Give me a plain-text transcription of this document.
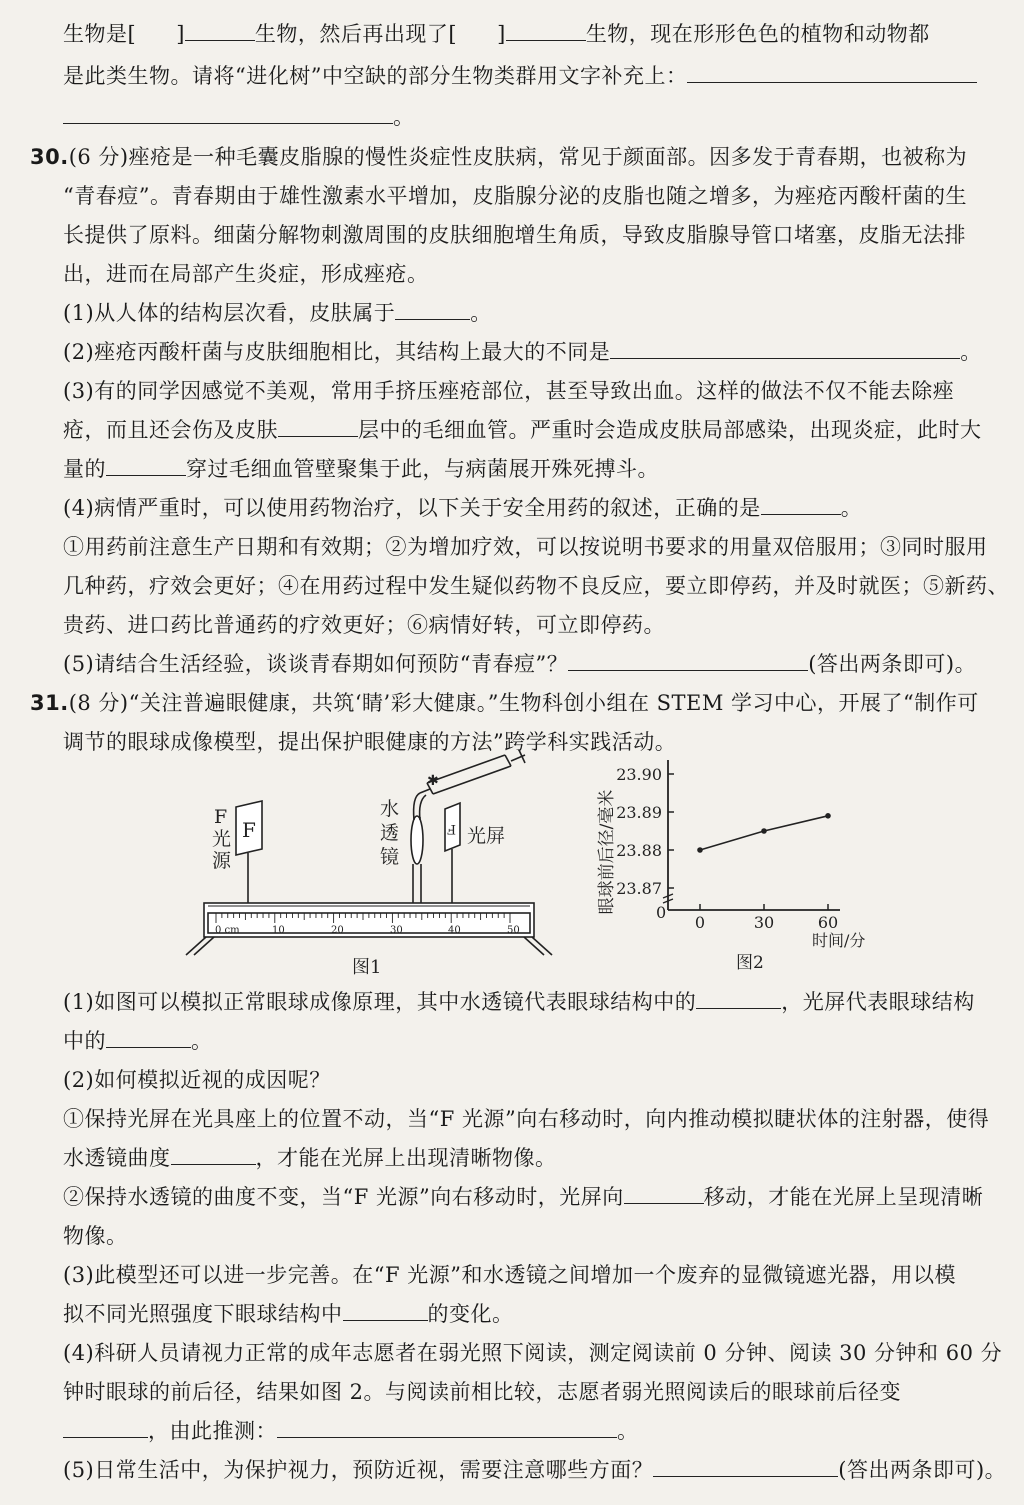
生物是[ ]	生物，然后再出现了[ ]	生物，现在形形色色的植物和动物都
是此类生物。请将“进化树”中空缺的部分生物类群用文字补充上：
。
30.(6 分)痤疮是一种毛囊皮脂腺的慢性炎症性皮肤病，常见于颜面部。因多发于青春期，也被称为
“青春痘”。青春期由于雄性激素水平增加，皮脂腺分泌的皮脂也随之增多，为痤疮丙酸杆菌的生
长提供了原料。细菌分解物刺激周围的皮肤细胞增生角质，导致皮脂腺导管口堵塞，皮脂无法排
出，进而在局部产生炎症，形成痤疮。
(1)从人体的结构层次看，皮肤属于	。
(2)痤疮丙酸杆菌与皮肤细胞相比，其结构上最大的不同是	。
(3)有的同学因感觉不美观，常用手挤压痤疮部位，甚至导致出血。这样的做法不仅不能去除痤
疮，而且还会伤及皮肤	层中的毛细血管。严重时会造成皮肤局部感染，出现炎症，此时大
量的	穿过毛细血管壁聚集于此，与病菌展开殊死搏斗。
(4)病情严重时，可以使用药物治疗，以下关于安全用药的叙述，正确的是	。
①用药前注意生产日期和有效期；②为增加疗效，可以按说明书要求的用量双倍服用；③同时服用
几种药，疗效会更好；④在用药过程中发生疑似药物不良反应，要立即停药，并及时就医；⑤新药、
贵药、进口药比普通药的疗效更好；⑥病情好转，可立即停药。
(5)请结合生活经验，谈谈青春期如何预防“青春痘”？	(答出两条即可)。
31.(8 分)“关注普遍眼健康，共筑‘睛’彩大健康。”生物科创小组在 STEM 学习中心，开展了“制作可
调节的眼球成像模型，提出保护眼健康的方法”跨学科实践活动。
✱
F
F
光
源
水
透
镜
F 光屏
0 cm	10	20	30	40	50
图1
眼球前后径/毫米
时间/分
0
图2
23.87
23.88
23.89
23.90
0	30	60
(1)如图可以模拟正常眼球成像原理，其中水透镜代表眼球结构中的	，光屏代表眼球结构
中的	。
(2)如何模拟近视的成因呢？
①保持光屏在光具座上的位置不动，当“F 光源”向右移动时，向内推动模拟睫状体的注射器，使得
水透镜曲度	，才能在光屏上出现清晰物像。
②保持水透镜的曲度不变，当“F 光源”向右移动时，光屏向	移动，才能在光屏上呈现清晰
物像。
(3)此模型还可以进一步完善。在“F 光源”和水透镜之间增加一个废弃的显微镜遮光器，用以模
拟不同光照强度下眼球结构中	的变化。
(4)科研人员请视力正常的成年志愿者在弱光照下阅读，测定阅读前 0 分钟、阅读 30 分钟和 60 分
钟时眼球的前后径，结果如图 2。与阅读前相比较，志愿者弱光照阅读后的眼球前后径变
，由此推测：	。
(5)日常生活中，为保护视力，预防近视，需要注意哪些方面？	(答出两条即可)。
